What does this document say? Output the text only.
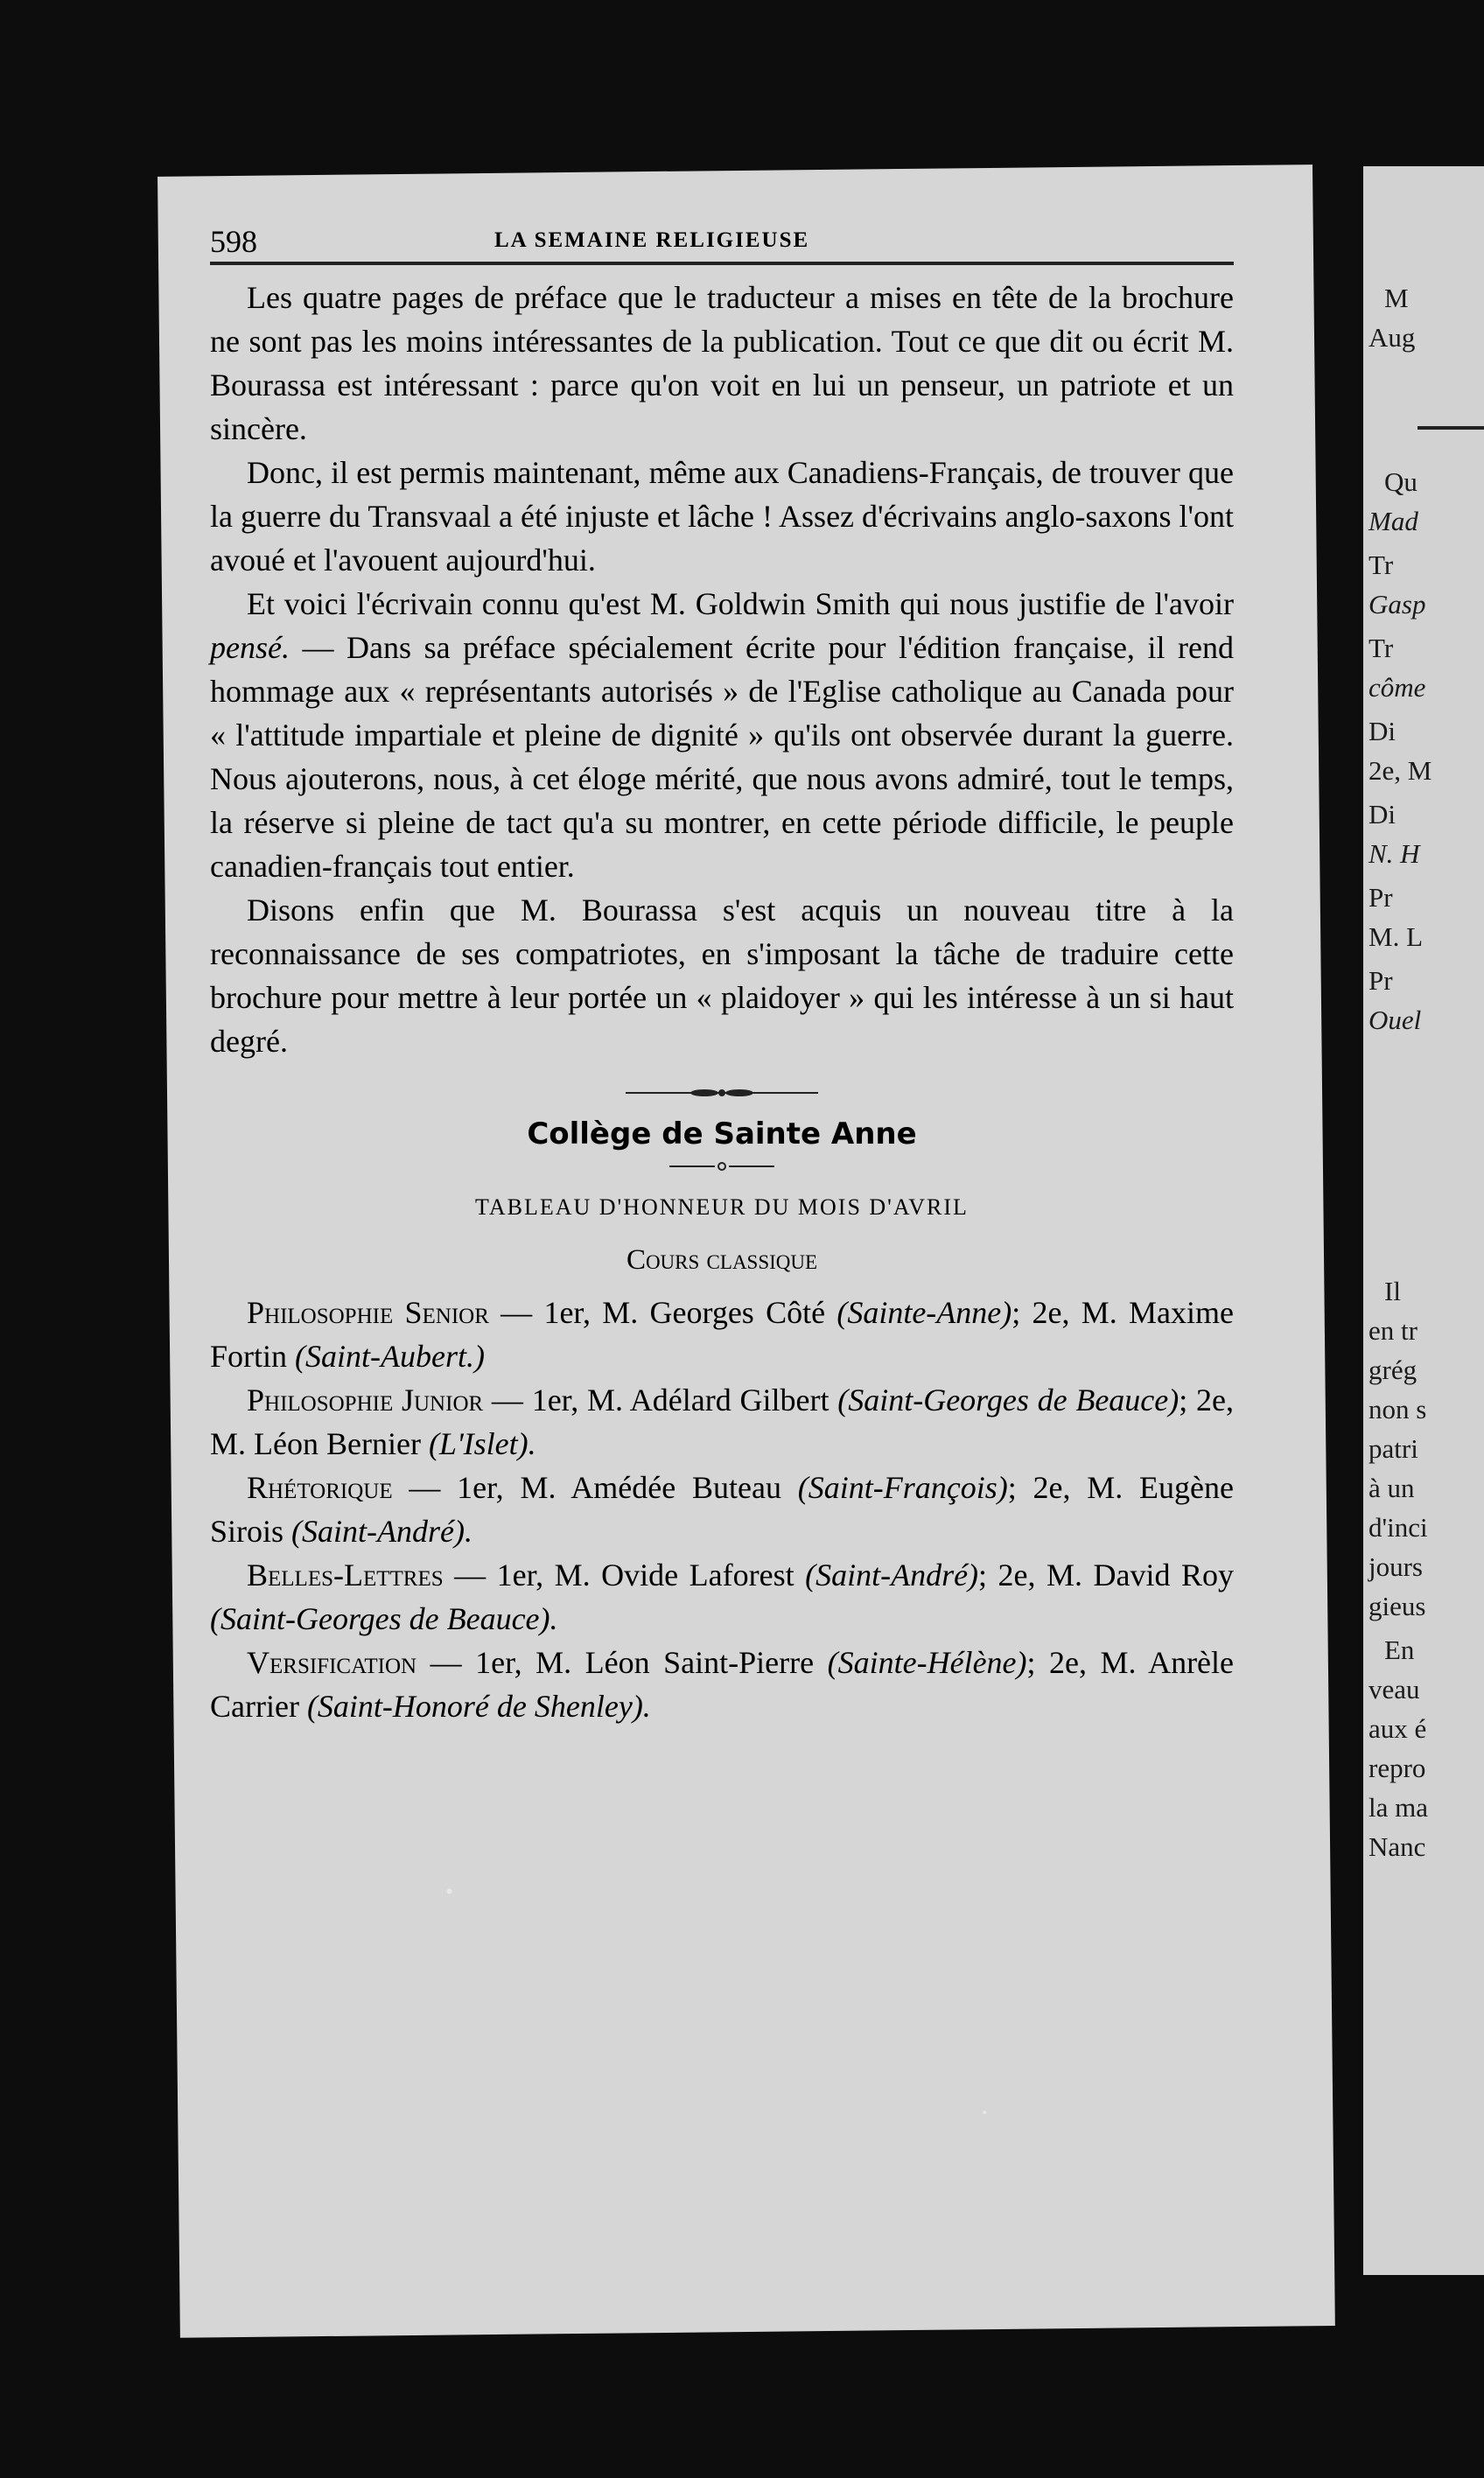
M
Aug
Qu
Mad
Tr
Gasp
Tr
côme
Di
2e, M
Di
N. H
Pr
M. L
Pr
Ouel
Il
en tr
grég
non s
patri
à un
d'inci
jours
gieus
En
veau
aux é
repro
la ma
Nanc
598	LA SEMAINE RELIGIEUSE

Les quatre pages de préface que le traducteur a mises en tête de la brochure ne sont pas les moins intéressantes de la publication. Tout ce que dit ou écrit M. Bourassa est intéressant : parce qu'on voit en lui un penseur, un patriote et un sincère.

Donc, il est permis maintenant, même aux Canadiens-Français, de trouver que la guerre du Transvaal a été injuste et lâche ! Assez d'écrivains anglo-saxons l'ont avoué et l'avouent aujourd'hui.

Et voici l'écrivain connu qu'est M. Goldwin Smith qui nous justifie de l'avoir pensé. — Dans sa préface spécialement écrite pour l'édition française, il rend hommage aux « représentants autorisés » de l'Eglise catholique au Canada pour « l'attitude impartiale et pleine de dignité » qu'ils ont observée durant la guerre. Nous ajouterons, nous, à cet éloge mérité, que nous avons admiré, tout le temps, la réserve si pleine de tact qu'a su montrer, en cette période difficile, le peuple canadien-français tout entier.

Disons enfin que M. Bourassa s'est acquis un nouveau titre à la reconnaissance de ses compatriotes, en s'imposant la tâche de traduire cette brochure pour mettre à leur portée un « plaidoyer » qui les intéresse à un si haut degré.

Collège de Sainte Anne
TABLEAU D'HONNEUR DU MOIS D'AVRIL
Cours classique

Philosophie Senior — 1er, M. Georges Côté (Sainte-Anne); 2e, M. Maxime Fortin (Saint-Aubert.)

Philosophie Junior — 1er, M. Adélard Gilbert (Saint-Georges de Beauce); 2e, M. Léon Bernier (L'Islet).

Rhétorique — 1er, M. Amédée Buteau (Saint-François); 2e, M. Eugène Sirois (Saint-André).

Belles-Lettres — 1er, M. Ovide Laforest (Saint-André); 2e, M. David Roy (Saint-Georges de Beauce).

Versification — 1er, M. Léon Saint-Pierre (Sainte-Hélène); 2e, M. Anrèle Carrier (Saint-Honoré de Shenley).
